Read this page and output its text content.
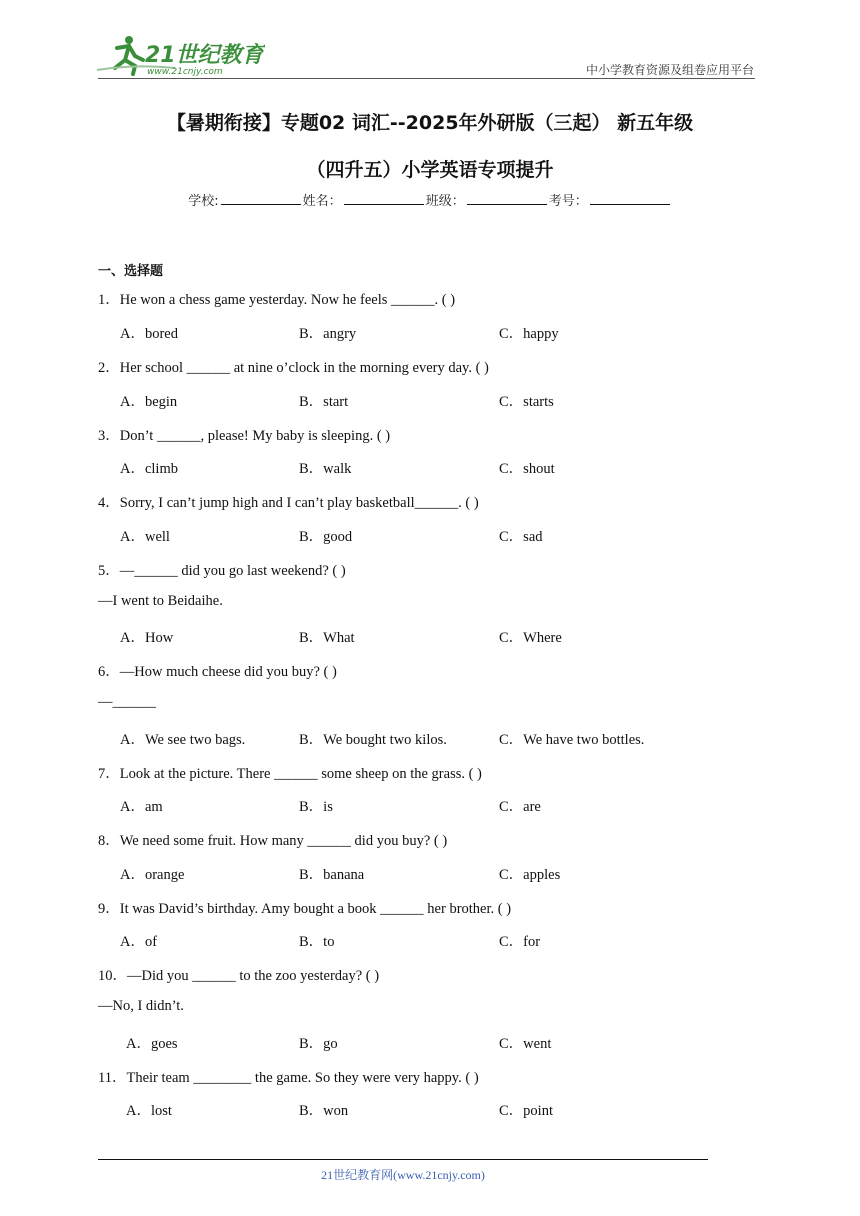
21世纪教育
www.21cnjy.com	中小学教育资源及组卷应用平台
【暑期衔接】专题02 词汇--2025年外研版（三起） 新五年级
（四升五）小学英语专项提升
学校:	姓名：	班级：	考号：
一、选择题
1．He won a chess game yesterday. Now he feels ______. ( )
A．bored	B．angry	C．happy
2．Her school ______ at nine o’clock in the morning every day. ( )
A．begin	B．start	C．starts
3．Don’t ______, please! My baby is sleeping. ( )
A．climb	B．walk	C．shout
4．Sorry, I can’t jump high and I can’t play basketball______. ( )
A．well	B．good	C．sad
5．—______ did you go last weekend? ( )
—I went to Beidaihe.
A．How	B．What	C．Where
6．—How much cheese did you buy? ( )
—______
A．We see two bags.	B．We bought two kilos.	C．We have two bottles.
7．Look at the picture. There ______ some sheep on the grass. ( )
A．am	B．is	C．are
8．We need some fruit. How many ______ did you buy? ( )
A．orange	B．banana	C．apples
9．It was David’s birthday. Amy bought a book ______ her brother. ( )
A．of	B．to	C．for
10．—Did you ______ to the zoo yesterday? ( )
—No, I didn’t.
A．goes	B．go	C．went
11．Their team ________ the game. So they were very happy. ( )
A．lost	B．won	C．point
21世纪教育网(www.21cnjy.com)
